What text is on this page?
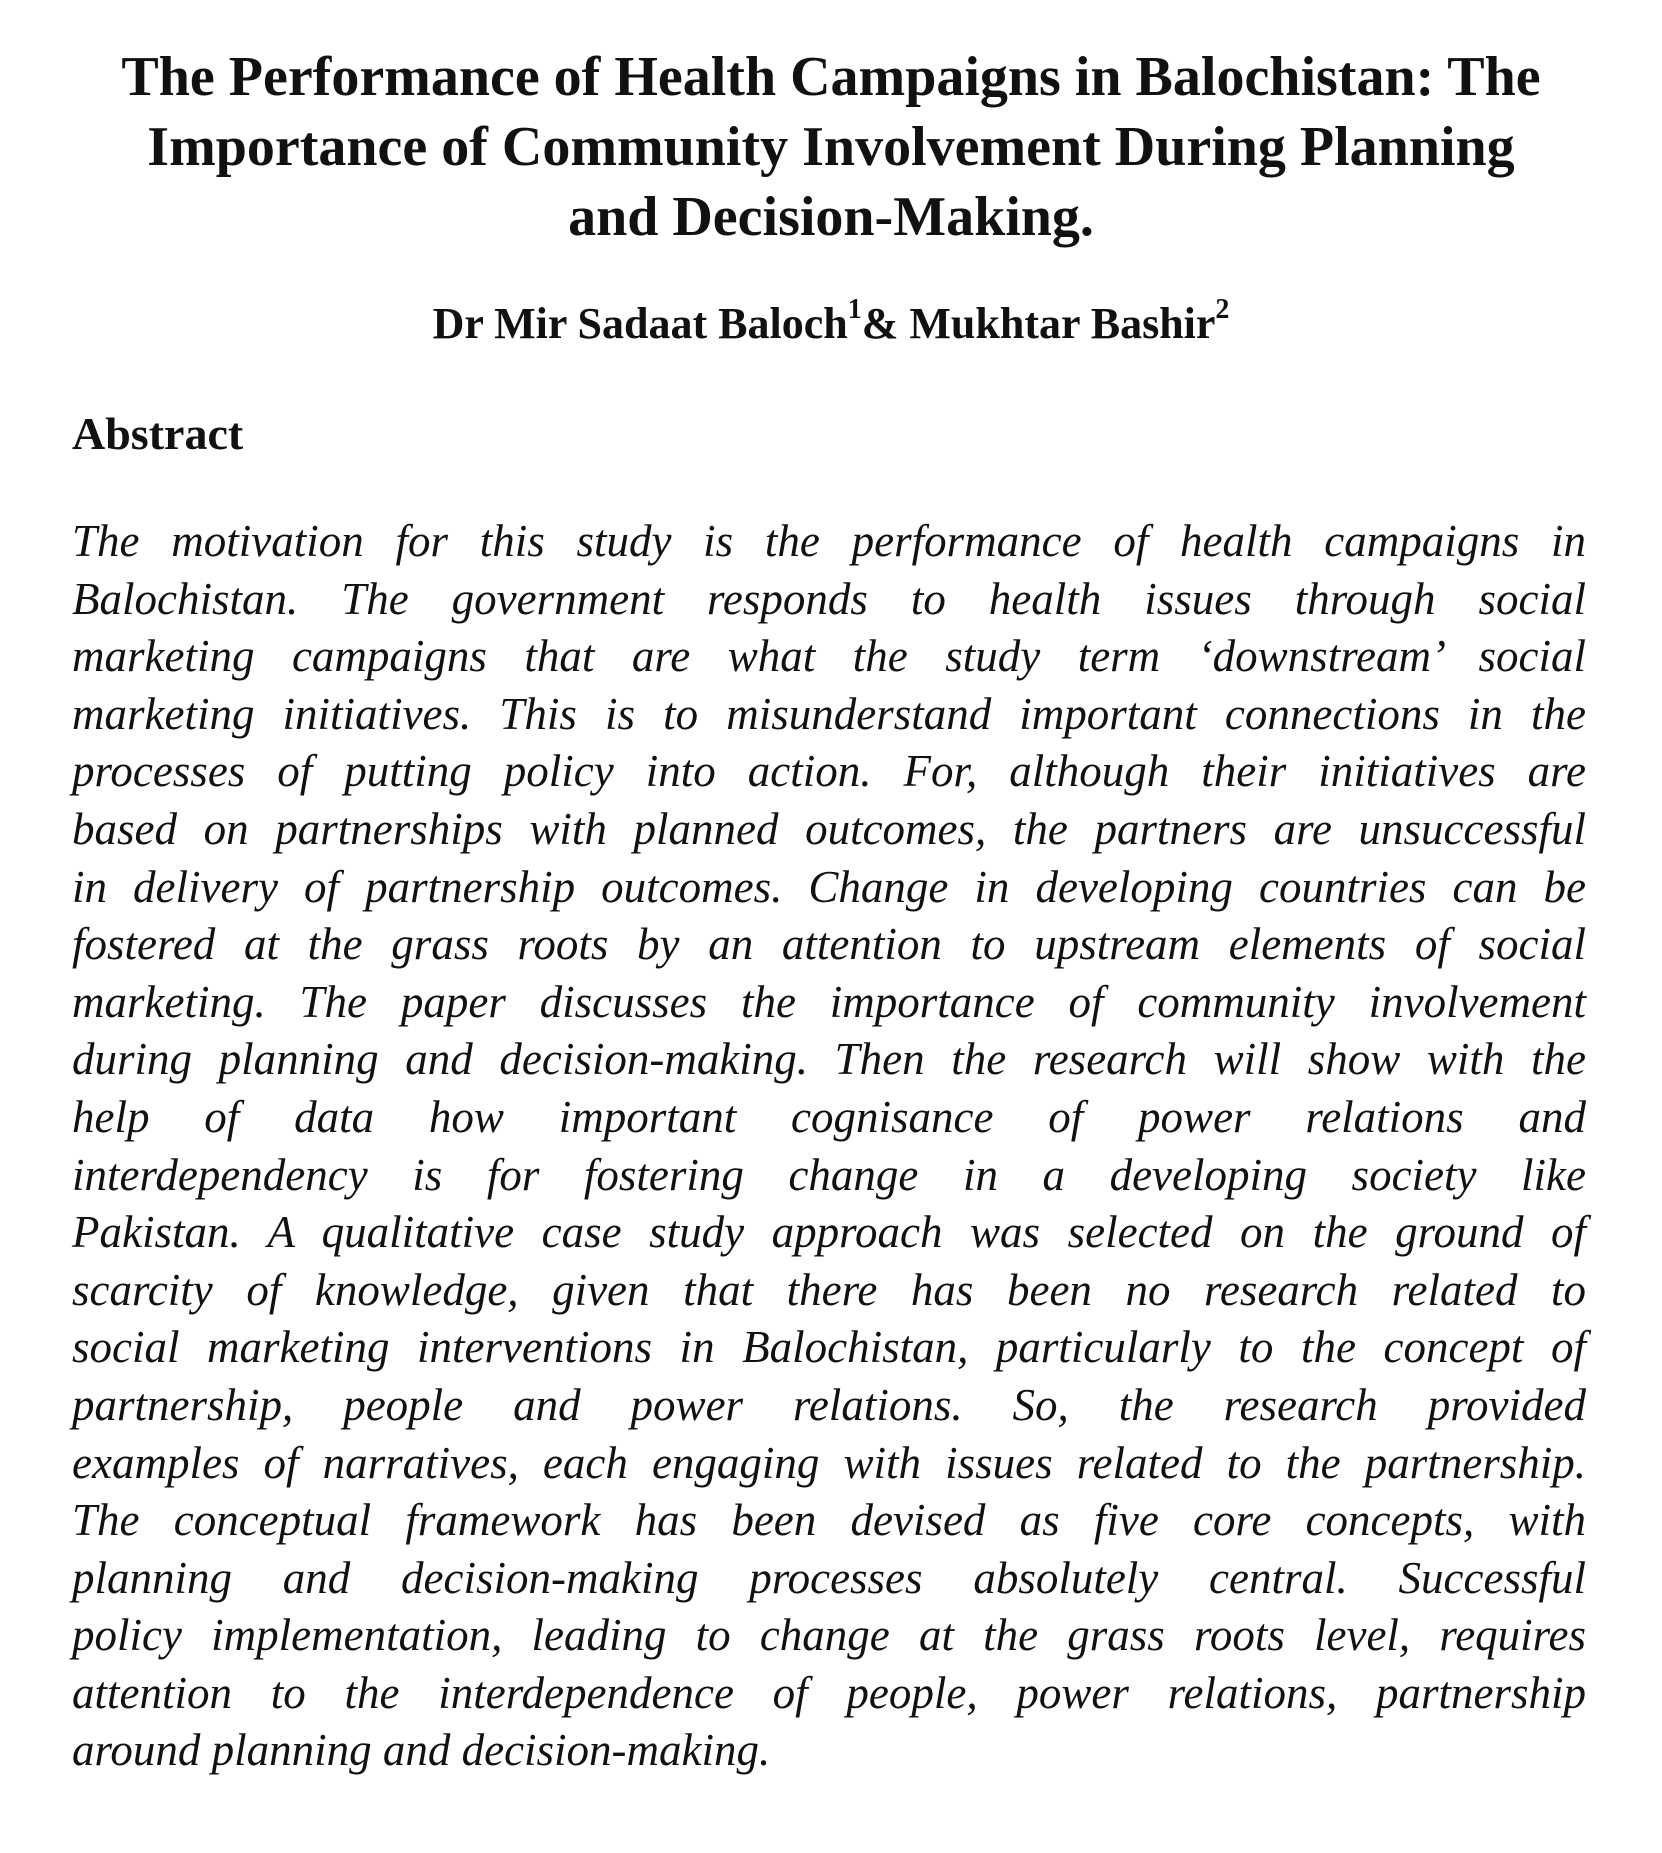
The Performance of Health Campaigns in Balochistan: The
Importance of Community Involvement During Planning
and Decision-Making.

Dr Mir Sadaat Baloch$^1$& Mukhtar Bashir$^2$

Abstract
The motivation for this study is the performance of health campaigns in
Balochistan. The government responds to health issues through social
marketing campaigns that are what the study term ‘downstream’ social
marketing initiatives. This is to misunderstand important connections in the
processes of putting policy into action. For, although their initiatives are
based on partnerships with planned outcomes, the partners are unsuccessful
in delivery of partnership outcomes. Change in developing countries can be
fostered at the grass roots by an attention to upstream elements of social
marketing. The paper discusses the importance of community involvement
during planning and decision-making. Then the research will show with the
help of data how important cognisance of power relations and
interdependency is for fostering change in a developing society like
Pakistan. A qualitative case study approach was selected on the ground of
scarcity of knowledge, given that there has been no research related to
social marketing interventions in Balochistan, particularly to the concept of
partnership, people and power relations. So, the research provided
examples of narratives, each engaging with issues related to the partnership.
The conceptual framework has been devised as five core concepts, with
planning and decision-making processes absolutely central. Successful
policy implementation, leading to change at the grass roots level, requires
attention to the interdependence of people, power relations, partnership
around planning and decision-making.
